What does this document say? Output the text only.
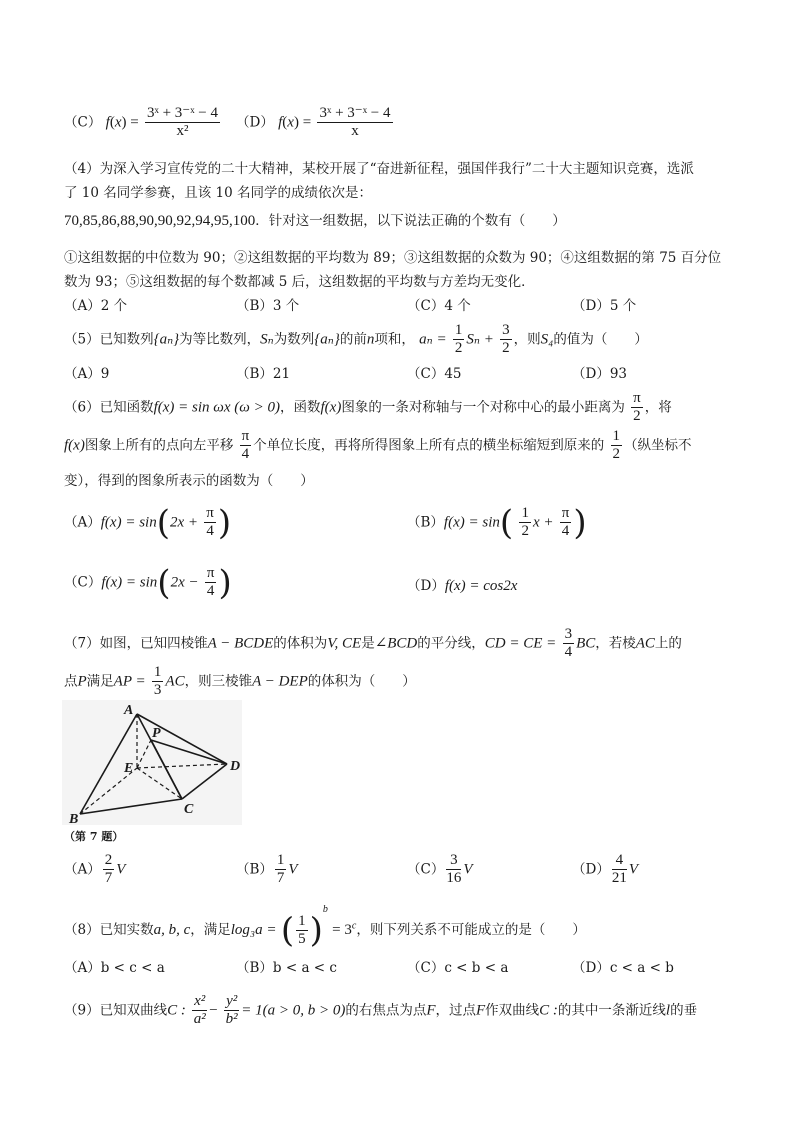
（C） $f(x) = \frac{\text{3ˣ + 3⁻ˣ − 4}}{\text{x²}} (D) f(x) = \frac{\text{3ˣ + 3⁻ˣ − 4}}{x}$
（4）为深入学习宣传党的二十大精神，某校开展了“奋进新征程，强国伴我行”二十大主题知识竞赛，选派
了 10 名同学参赛，且该 10 名同学的成绩依次是：
70,85,86,88,90,90,92,94,95,100．针对这一组数据，以下说法正确的个数有（　　）
①这组数据的中位数为 90；②这组数据的平均数为 89；③这组数据的众数为 90；④这组数据的第 75 百分位
数为 93；⑤这组数据的每个数都减 5 后，这组数据的平均数与方差均无变化．
（A）2 个	（B）3 个	（C）4 个	（D）5 个
（5）已知数列{aₙ}为等比数列，Sₙ为数列{aₙ}的前n项和， $a_n = \frac{1}{2}$ $S_n + \frac{3}{2}$ ，则S₄的值为（　　）
（A）9	（B）21	（C）45	（D）93
（6）已知函数f(x) = sin ωx (ω > 0)，函数f(x)图象的一条对称轴与一个对称中心的最小距离为 $\frac{\pi}{2}$ ，将
f(x)图象上所有的点向左平移 $\frac{\pi}{4}$ 个单位长度，再将所得图象上所有点的横坐标缩短到原来的 $\frac{1}{2}$ （纵坐标不
变），得到的图象所表示的函数为（　　）
$(A)f(x) = \sin(2x + \frac{\pi}{4}$ )	$(B)f(x) = \sin( \frac{1}{2}$ $x + \frac{\pi}{4}$ )
$(C)f(x) = \sin(2x - \frac{\pi}{4}$ )	（D）f(x) = cos2x
（7）如图，已知四棱锥A − BCDE的体积为V, CE是∠BCD的平分线，CD = CE = $\frac{3}{4}$ BC，若棱AC上的
点P满足AP = $\frac{1}{3}$ AC，则三棱锥A − DEP的体积为（　　）
A
P
E	D
B
C
（第 7 题）
$(A) \frac{2}{7}$ V	$(B) \frac{1}{7}$ V	$(C) \frac{3}{16}$ V	$(D) \frac{4}{21}$ V
（8）已知实数a, b, c，满足log₃a = ( $\frac{1}{5} )^b = 3^c$，则下列关系不可能成立的是（　　）
（A）b < c < a	（B）b < a < c	（C）c < b < a	（D）c < a < b
（9）已知双曲线C : $\frac{\text{x²}}{\text{a²}} - \frac{\text{y²}}{\text{b²}} = 1(a > 0$, b > 0)的右焦点为点F，过点F作双曲线C :的其中一条渐近线l的垂
